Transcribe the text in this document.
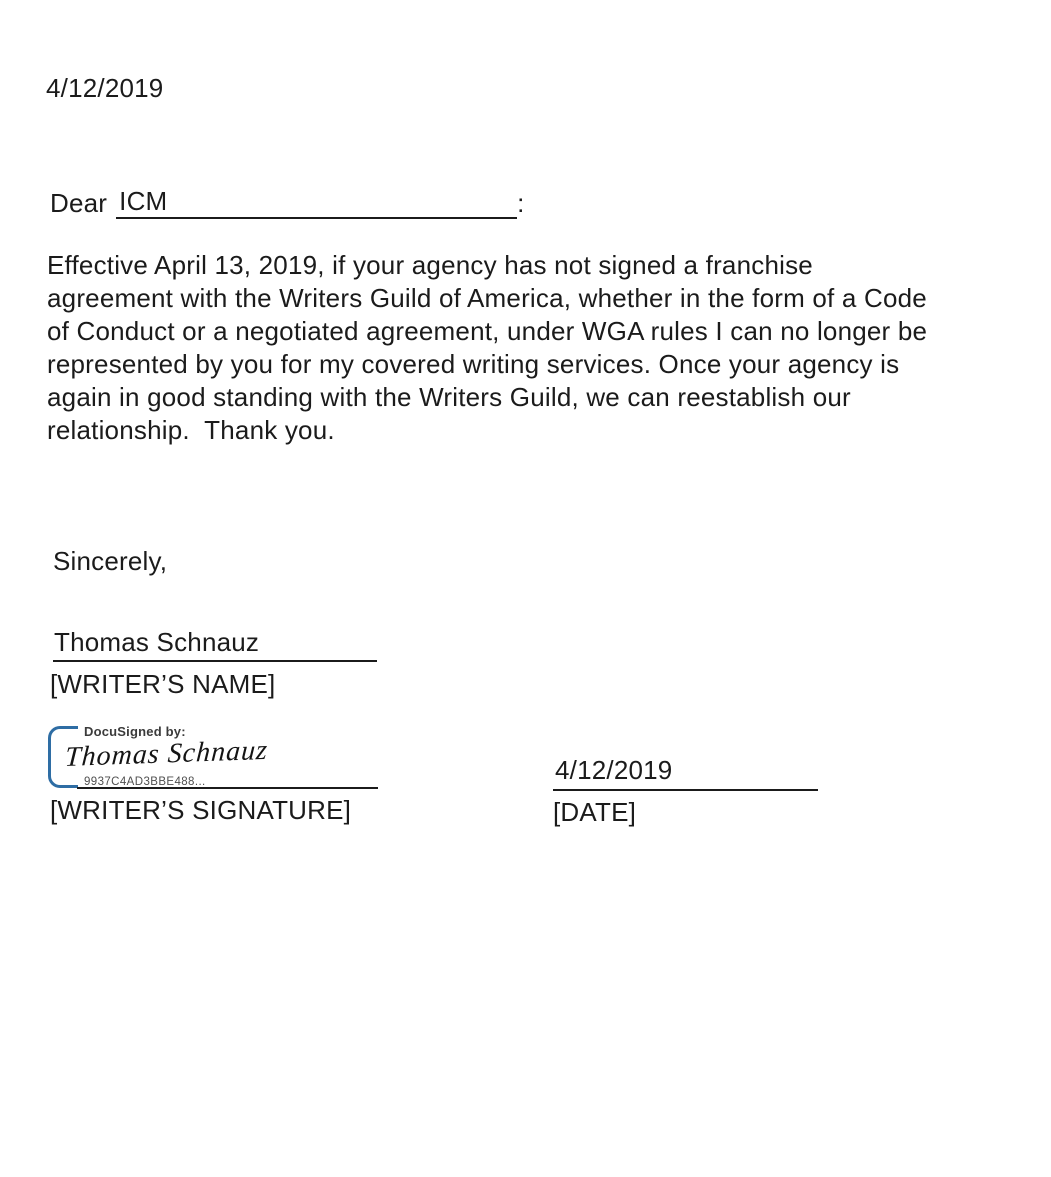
4/12/2019
Dear ICM	:
Effective April 13, 2019, if your agency has not signed a franchise
agreement with the Writers Guild of America, whether in the form of a Code
of Conduct or a negotiated agreement, under WGA rules I can no longer be
represented by you for my covered writing services. Once your agency is
again in good standing with the Writers Guild, we can reestablish our
relationship.  Thank you.
Sincerely,
Thomas Schnauz
[WRITER’S NAME]
DocuSigned by:
Thomas Schnauz
9937C4AD3BBE488...
[WRITER’S SIGNATURE]
4/12/2019
[DATE]
